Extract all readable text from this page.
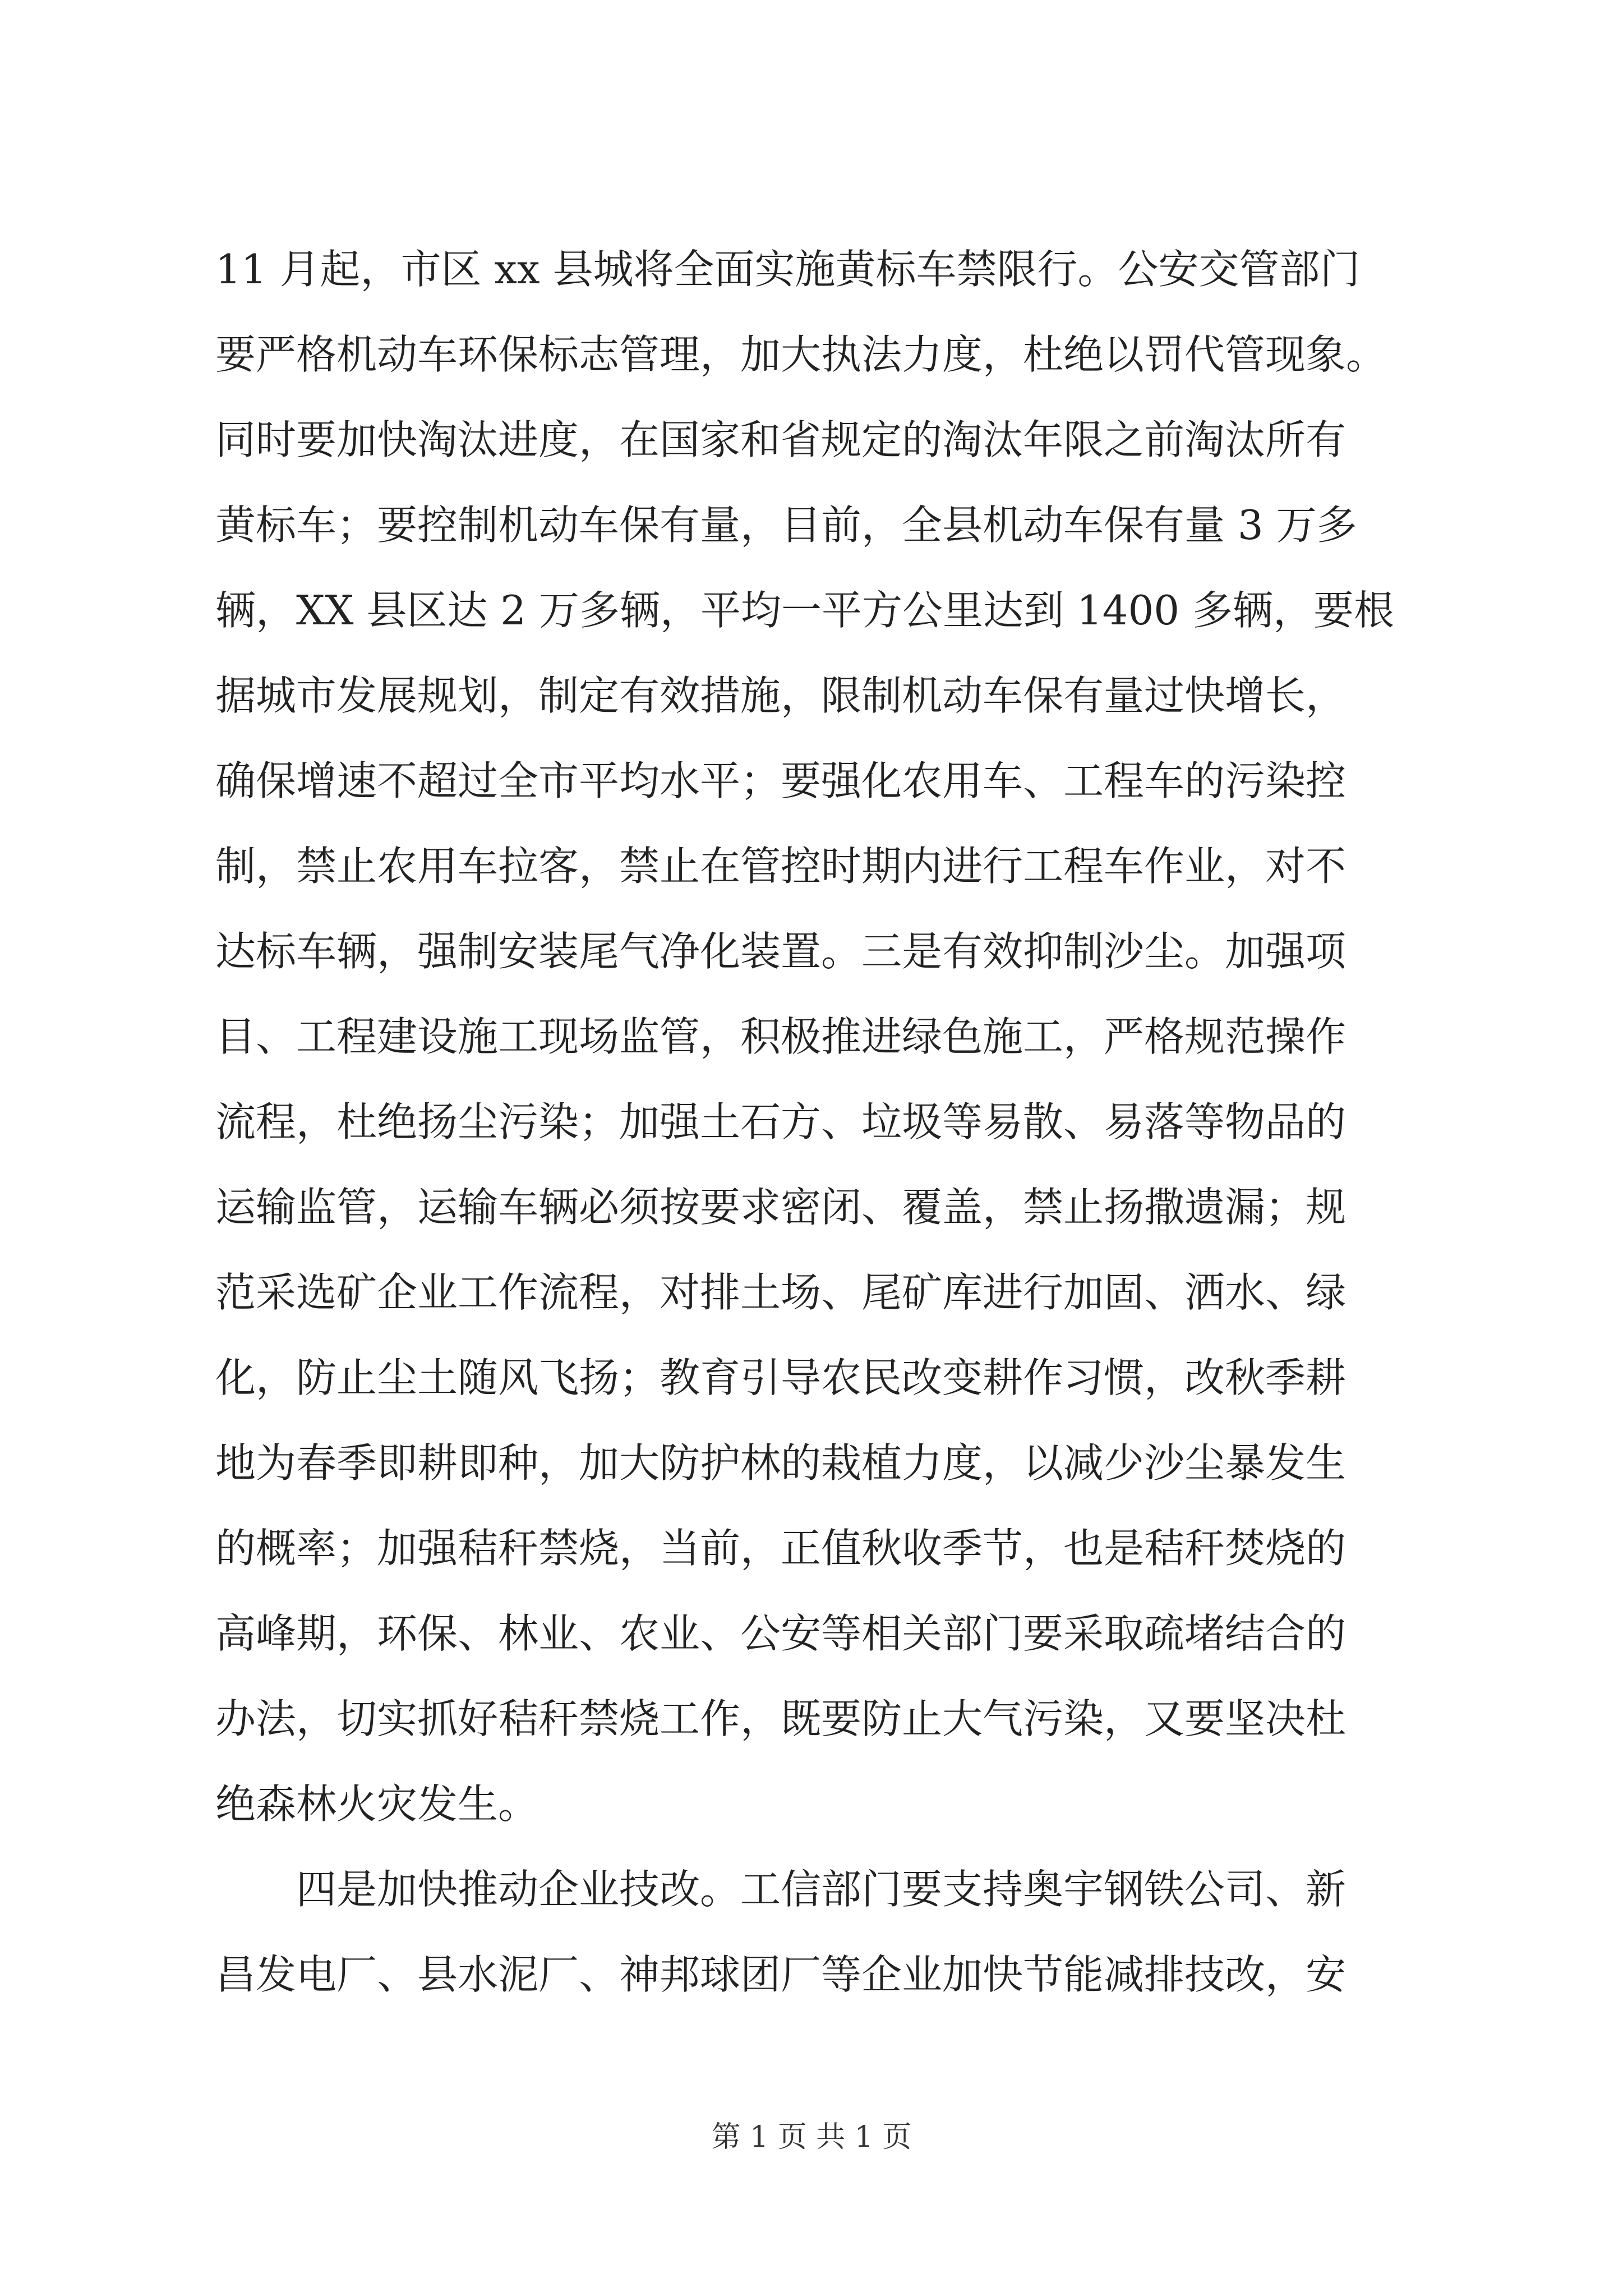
11 月起，市区 xx 县城将全面实施黄标车禁限行。公安交管部门
要严格机动车环保标志管理，加大执法力度，杜绝以罚代管现象。
同时要加快淘汰进度，在国家和省规定的淘汰年限之前淘汰所有
黄标车；要控制机动车保有量，目前，全县机动车保有量 3 万多
辆，XX 县区达 2 万多辆，平均一平方公里达到 1400 多辆，要根
据城市发展规划，制定有效措施，限制机动车保有量过快增长，
确保增速不超过全市平均水平；要强化农用车、工程车的污染控
制，禁止农用车拉客，禁止在管控时期内进行工程车作业，对不
达标车辆，强制安装尾气净化装置。三是有效抑制沙尘。加强项
目、工程建设施工现场监管，积极推进绿色施工，严格规范操作
流程，杜绝扬尘污染；加强土石方、垃圾等易散、易落等物品的
运输监管，运输车辆必须按要求密闭、覆盖，禁止扬撒遗漏；规
范采选矿企业工作流程，对排土场、尾矿库进行加固、洒水、绿
化，防止尘土随风飞扬；教育引导农民改变耕作习惯，改秋季耕
地为春季即耕即种，加大防护林的栽植力度，以减少沙尘暴发生
的概率；加强秸秆禁烧，当前，正值秋收季节，也是秸秆焚烧的
高峰期，环保、林业、农业、公安等相关部门要采取疏堵结合的
办法，切实抓好秸秆禁烧工作，既要防止大气污染，又要坚决杜
绝森林火灾发生。
四是加快推动企业技改。工信部门要支持奥宇钢铁公司、新
昌发电厂、县水泥厂、神邦球团厂等企业加快节能减排技改，安
第 1 页 共 1 页
